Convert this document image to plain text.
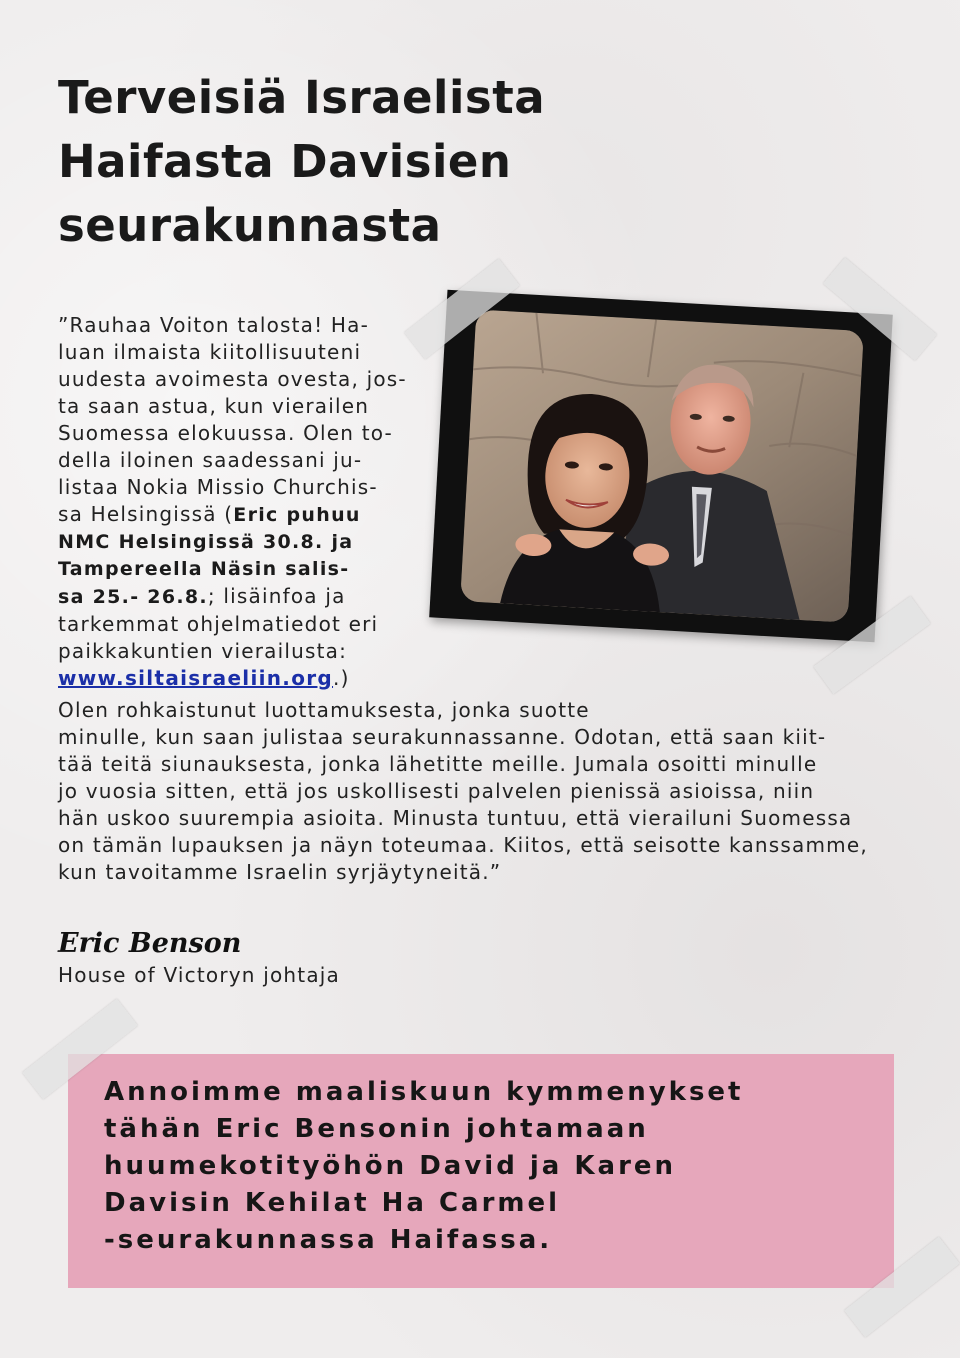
Terveisiä Israelista
Haifasta Davisien
seurakunnasta
”Rauhaa Voiton talosta! Ha-
luan ilmaista kiitollisuuteni
uudesta avoimesta ovesta, jos-
ta saan astua, kun vierailen
Suomessa elokuussa. Olen to-
della iloinen saadessani ju-
listaa Nokia Missio Churchis-
sa Helsingissä (Eric puhuu
NMC Helsingissä 30.8. ja
Tampereella Näsin salis-
sa 25.- 26.8.; lisäinfoa ja
tarkemmat ohjelmatiedot eri
paikkakuntien vierailusta:
www.siltaisraeliin.org.)
Olen rohkaistunut luottamuksesta, jonka suotte
minulle, kun saan julistaa seurakunnassanne. Odotan, että saan kiit-
tää teitä siunauksesta, jonka lähetitte meille. Jumala osoitti minulle
jo vuosia sitten, että jos uskollisesti palvelen pienissä asioissa, niin
hän uskoo suurempia asioita. Minusta tuntuu, että vierailuni Suomessa
on tämän lupauksen ja näyn toteumaa. Kiitos, että seisotte kanssamme,
kun tavoitamme Israelin syrjäytyneitä.”
Eric Benson
House of Victoryn johtaja
Annoimme maaliskuun kymmenykset
tähän Eric Bensonin johtamaan
huumekotityöhön David ja Karen
Davisin Kehilat Ha Carmel
-seurakunnassa Haifassa.
